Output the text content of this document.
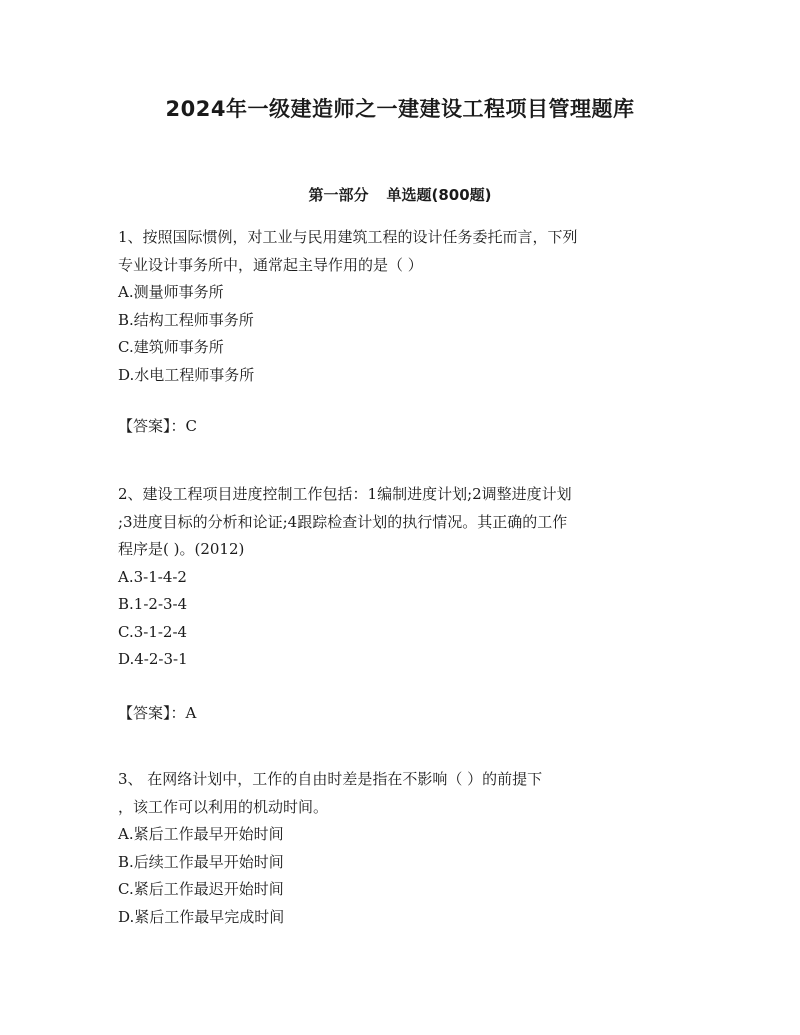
2024年一级建造师之一建建设工程项目管理题库
第一部分 单选题(800题)

1、按照国际惯例，对工业与民用建筑工程的设计任务委托而言，下列

专业设计事务所中，通常起主导作用的是（ ）

A.测量师事务所

B.结构工程师事务所

C.建筑师事务所

D.水电工程师事务所

【答案】：C

2、建设工程项目进度控制工作包括：1编制进度计划;2调整进度计划

;3进度目标的分析和论证;4跟踪检查计划的执行情况。其正确的工作

程序是( )。(2012)

A.3-1-4-2

B.1-2-3-4

C.3-1-2-4

D.4-2-3-1

【答案】：A

3、 在网络计划中，工作的自由时差是指在不影响（ ）的前提下

，该工作可以利用的机动时间。

A.紧后工作最早开始时间

B.后续工作最早开始时间

C.紧后工作最迟开始时间

D.紧后工作最早完成时间
